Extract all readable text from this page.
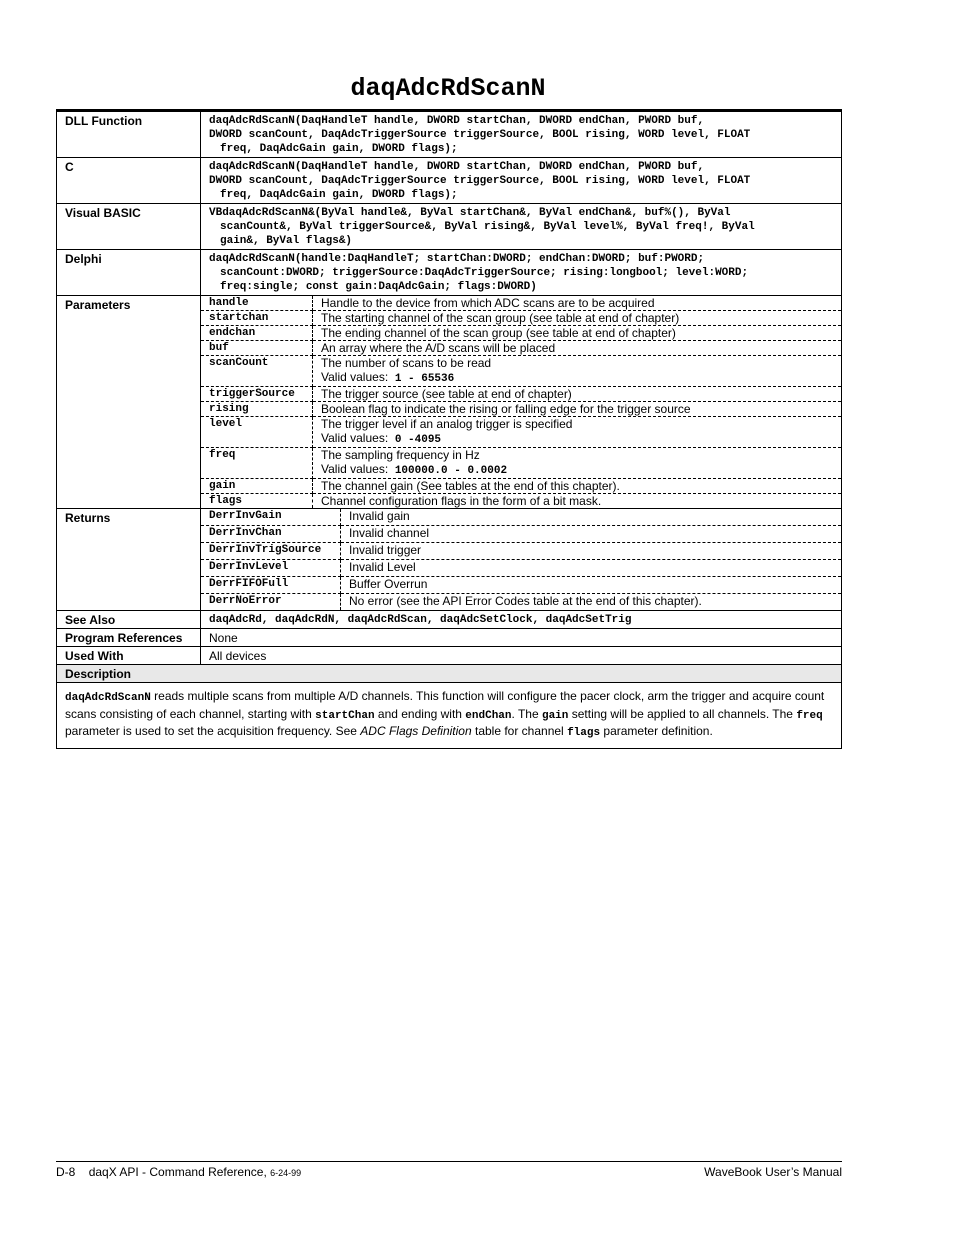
daqAdcRdScanN
DLL Function	daqAdcRdScanN(DaqHandleT handle, DWORD startChan, DWORD endChan, PWORD buf,
DWORD scanCount, DaqAdcTriggerSource triggerSource, BOOL rising, WORD level, FLOAT
freq, DaqAdcGain gain, DWORD flags);

C	daqAdcRdScanN(DaqHandleT handle, DWORD startChan, DWORD endChan, PWORD buf,
DWORD scanCount, DaqAdcTriggerSource triggerSource, BOOL rising, WORD level, FLOAT
freq, DaqAdcGain gain, DWORD flags);

Visual BASIC	VBdaqAdcRdScanN&(ByVal handle&, ByVal startChan&, ByVal endChan&, buf%(), ByVal
scanCount&, ByVal triggerSource&, ByVal rising&, ByVal level%, ByVal freq!, ByVal
gain&, ByVal flags&)

Delphi	daqAdcRdScanN(handle:DaqHandleT; startChan:DWORD; endChan:DWORD; buf:PWORD;
scanCount:DWORD; triggerSource:DaqAdcTriggerSource; rising:longbool; level:WORD;
freq:single; const gain:DaqAdcGain; flags:DWORD)

Parameters		handle	Handle to the device from which ADC scans are to be acquired
startchan	The starting channel of the scan group (see table at end of chapter)
endchan	The ending channel of the scan group (see table at end of chapter)
buf	An array where the A/D scans will be placed
scanCount	The number of scans to be read
Valid values: 1 - 65536
triggerSource	The trigger source (see table at end of chapter)
rising	Boolean flag to indicate the rising or falling edge for the trigger source
level	The trigger level if an analog trigger is specified
Valid values: 0 -4095
freq	The sampling frequency in Hz
Valid values: 100000.0 - 0.0002
gain	The channel gain (See tables at the end of this chapter).
flags	Channel configuration flags in the form of a bit mask.

Returns		DerrInvGain	Invalid gain
DerrInvChan	Invalid channel
DerrInvTrigSource	Invalid trigger
DerrInvLevel	Invalid Level
DerrFIFOFull	Buffer Overrun
DerrNoError	No error (see the API Error Codes table at the end of this chapter).

See Also	daqAdcRd, daqAdcRdN, daqAdcRdScan, daqAdcSetClock, daqAdcSetTrig
Program References	None
Used With	All devices
Description
daqAdcRdScanN reads multiple scans from multiple A/D channels. This function will configure the pacer clock, arm the trigger and acquire count scans consisting of each channel, starting with startChan and ending with endChan. The gain setting will be applied to all channels. The freq parameter is used to set the acquisition frequency. See ADC Flags Definition table for channel flags parameter definition.
D-8 daqX API - Command Reference, 6-24-99	WaveBook User’s Manual
